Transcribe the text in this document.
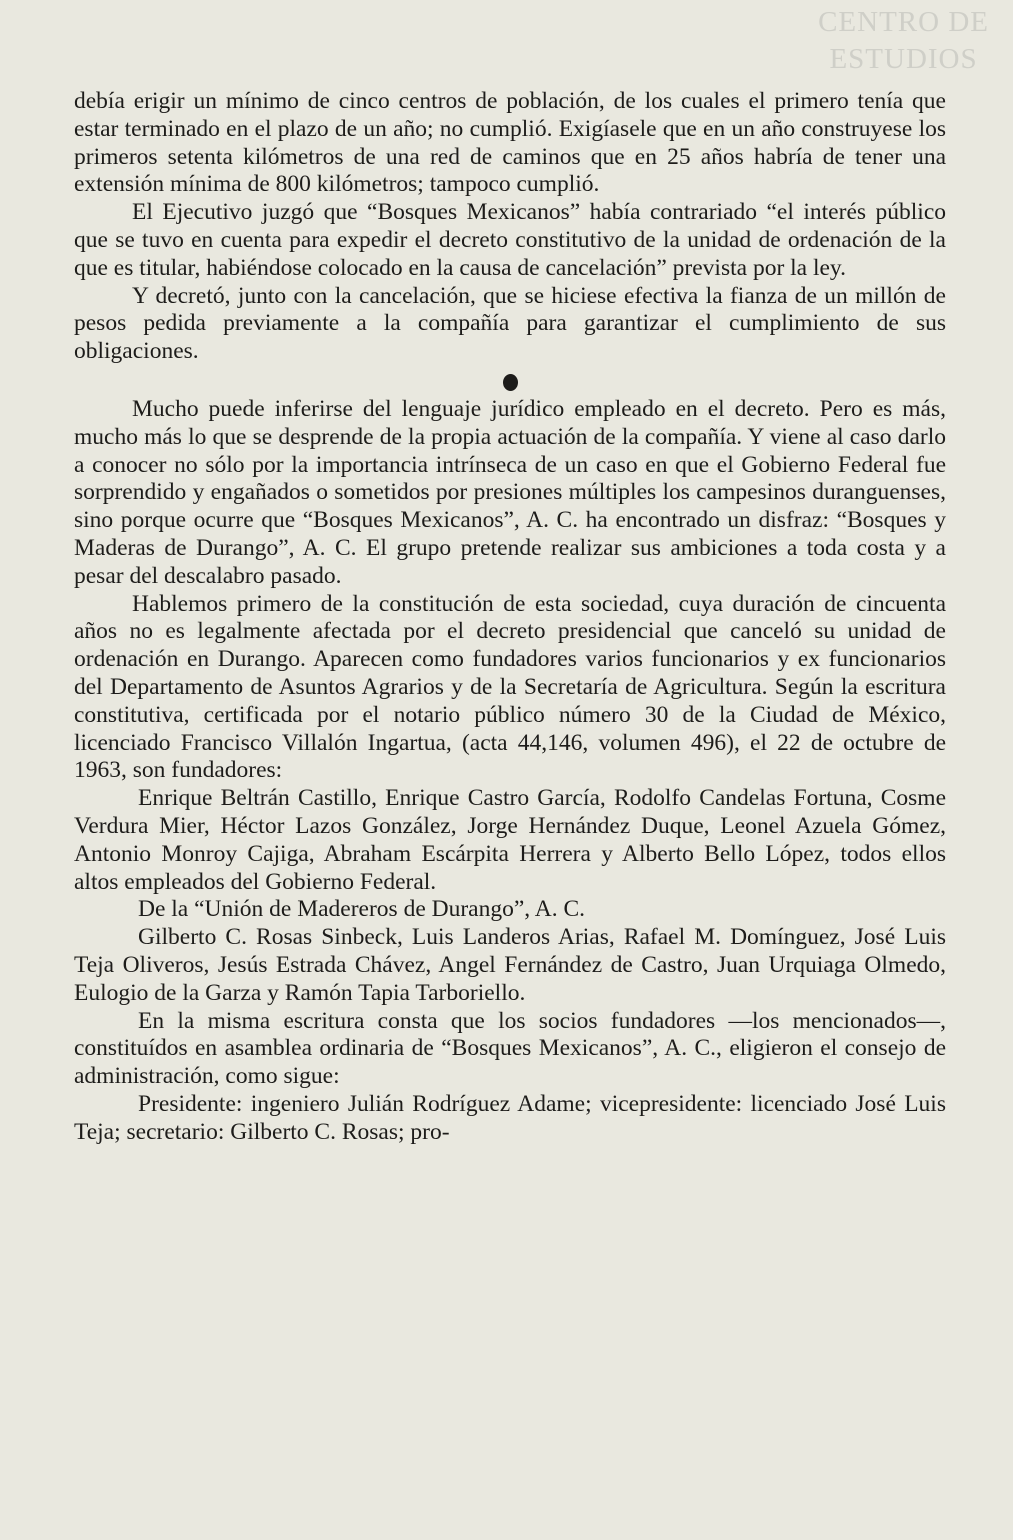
CENTRO DE
ESTUDIOS

debía erigir un mínimo de cinco centros de población, de los cuales el primero tenía que estar terminado en el plazo de un año; no cumplió. Exigíasele que en un año construyese los primeros setenta kilómetros de una red de caminos que en 25 años habría de tener una extensión mínima de 800 kilómetros; tampoco cumplió.

El Ejecutivo juzgó que “Bosques Mexicanos” había contrariado “el interés público que se tuvo en cuenta para expedir el decreto constitutivo de la unidad de ordenación de la que es titular, habiéndose colocado en la causa de cancelación” prevista por la ley.

Y decretó, junto con la cancelación, que se hiciese efectiva la fianza de un millón de pesos pedida previamente a la compañía para garantizar el cumplimiento de sus obligaciones.

Mucho puede inferirse del lenguaje jurídico empleado en el decreto. Pero es más, mucho más lo que se desprende de la propia actuación de la compañía. Y viene al caso darlo a conocer no sólo por la importancia intrínseca de un caso en que el Gobierno Federal fue sorprendido y engañados o sometidos por presiones múltiples los campesinos duranguenses, sino porque ocurre que “Bosques Mexicanos”, A. C. ha encontrado un disfraz: “Bosques y Maderas de Durango”, A. C. El grupo pretende realizar sus ambiciones a toda costa y a pesar del descalabro pasado.

Hablemos primero de la constitución de esta sociedad, cuya duración de cincuenta años no es legalmente afectada por el decreto presidencial que canceló su unidad de ordenación en Durango. Aparecen como fundadores varios funcionarios y ex funcionarios del Departamento de Asuntos Agrarios y de la Secretaría de Agricultura. Según la escritura constitutiva, certificada por el notario público número 30 de la Ciudad de México, licenciado Francisco Villalón Ingartua, (acta 44,146, volumen 496), el 22 de octubre de 1963, son fundadores:

Enrique Beltrán Castillo, Enrique Castro García, Rodolfo Candelas Fortuna, Cosme Verdura Mier, Héctor Lazos González, Jorge Hernández Duque, Leonel Azuela Gómez, Antonio Monroy Cajiga, Abraham Escárpita Herrera y Alberto Bello López, todos ellos altos empleados del Gobierno Federal.

De la “Unión de Madereros de Durango”, A. C.

Gilberto C. Rosas Sinbeck, Luis Landeros Arias, Rafael M. Domínguez, José Luis Teja Oliveros, Jesús Estrada Chávez, Angel Fernández de Castro, Juan Urquiaga Olmedo, Eulogio de la Garza y Ramón Tapia Tarboriello.

En la misma escritura consta que los socios fundadores —los mencionados—, constituídos en asamblea ordinaria de “Bosques Mexicanos”, A. C., eligieron el consejo de administración, como sigue:

Presidente: ingeniero Julián Rodríguez Adame; vicepresidente: licenciado José Luis Teja; secretario: Gilberto C. Rosas; pro-
